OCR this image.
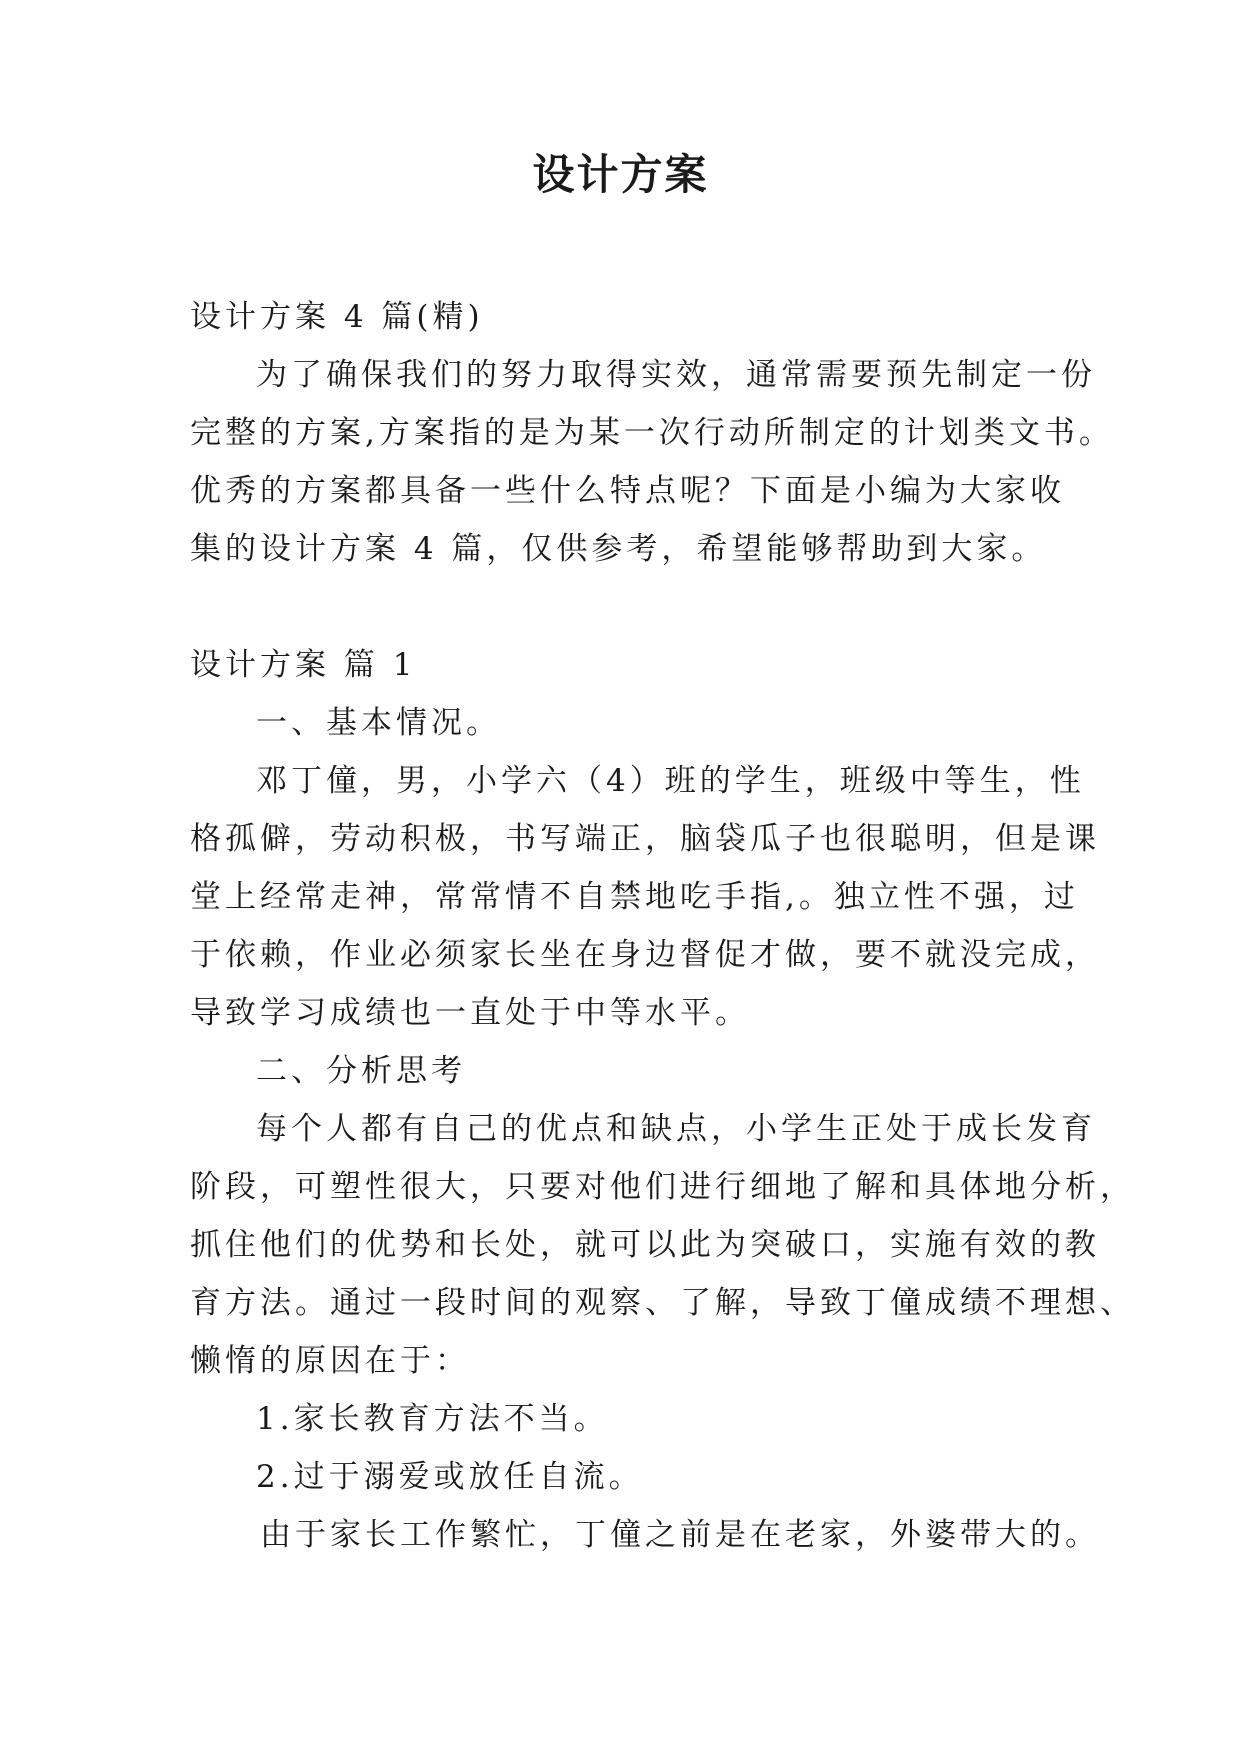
设计方案
设计方案 4 篇(精)
为了确保我们的努力取得实效，通常需要预先制定一份
完整的方案,方案指的是为某一次行动所制定的计划类文书。
优秀的方案都具备一些什么特点呢？下面是小编为大家收
集的设计方案 4 篇，仅供参考，希望能够帮助到大家。
设计方案 篇 1
一、基本情况。
邓丁僮，男，小学六（4）班的学生，班级中等生，性
格孤僻，劳动积极，书写端正，脑袋瓜子也很聪明，但是课
堂上经常走神，常常情不自禁地吃手指,。独立性不强，过
于依赖，作业必须家长坐在身边督促才做，要不就没完成，
导致学习成绩也一直处于中等水平。
二、分析思考
每个人都有自己的优点和缺点，小学生正处于成长发育
阶段，可塑性很大，只要对他们进行细地了解和具体地分析，
抓住他们的优势和长处，就可以此为突破口，实施有效的教
育方法。通过一段时间的观察、了解，导致丁僮成绩不理想、
懒惰的原因在于：
1.家长教育方法不当。
2.过于溺爱或放任自流。
由于家长工作繁忙，丁僮之前是在老家，外婆带大的。
